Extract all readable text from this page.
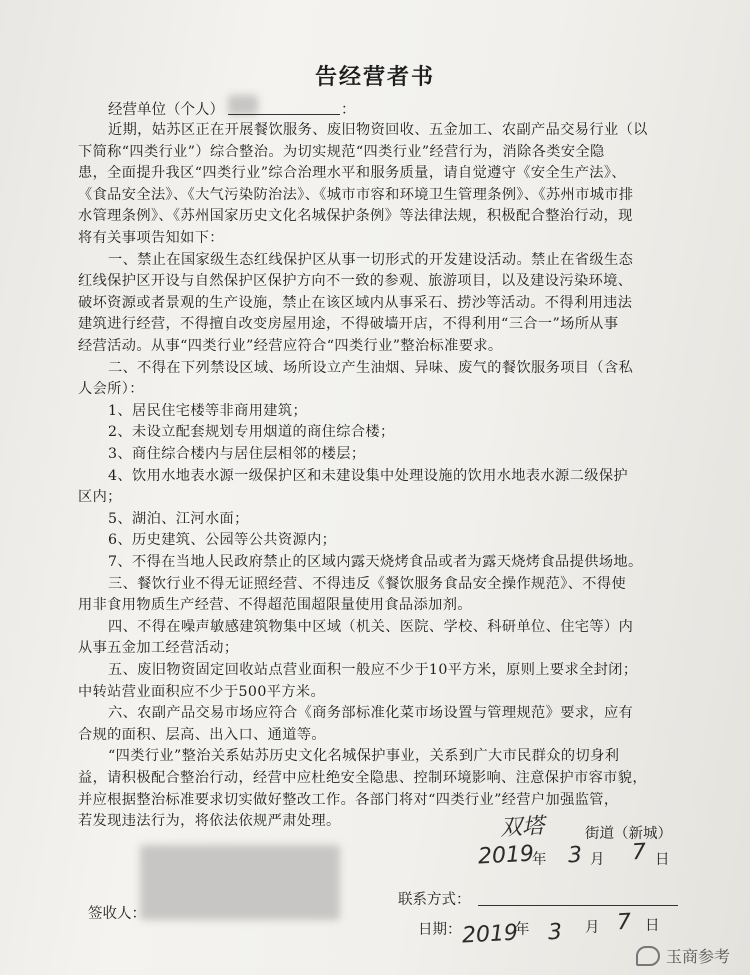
告经营者书
经营单位（个人）	：
近期，姑苏区正在开展餐饮服务、废旧物资回收、五金加工、农副产品交易行业（以
下简称“四类行业”）综合整治。为切实规范“四类行业”经营行为，消除各类安全隐
患，全面提升我区“四类行业”综合治理水平和服务质量，请自觉遵守《安全生产法》、
《食品安全法》、《大气污染防治法》、《城市市容和环境卫生管理条例》、《苏州市城市排
水管理条例》、《苏州国家历史文化名城保护条例》等法律法规，积极配合整治行动，现
将有关事项告知如下：
一、禁止在国家级生态红线保护区从事一切形式的开发建设活动。禁止在省级生态
红线保护区开设与自然保护区保护方向不一致的参观、旅游项目，以及建设污染环境、
破坏资源或者景观的生产设施，禁止在该区域内从事采石、捞沙等活动。不得利用违法
建筑进行经营，不得擅自改变房屋用途，不得破墙开店，不得利用“三合一”场所从事
经营活动。从事“四类行业”经营应符合“四类行业”整治标准要求。
二、不得在下列禁设区域、场所设立产生油烟、异味、废气的餐饮服务项目（含私
人会所）：
1、居民住宅楼等非商用建筑；
2、未设立配套规划专用烟道的商住综合楼；
3、商住综合楼内与居住层相邻的楼层；
4、饮用水地表水源一级保护区和未建设集中处理设施的饮用水地表水源二级保护
区内；
5、湖泊、江河水面；
6、历史建筑、公园等公共资源内；
7、不得在当地人民政府禁止的区域内露天烧烤食品或者为露天烧烤食品提供场地。
三、餐饮行业不得无证照经营、不得违反《餐饮服务食品安全操作规范》、不得使
用非食用物质生产经营、不得超范围超限量使用食品添加剂。
四、不得在噪声敏感建筑物集中区域（机关、医院、学校、科研单位、住宅等）内
从事五金加工经营活动；
五、废旧物资固定回收站点营业面积一般应不少于10平方米，原则上要求全封闭；
中转站营业面积应不少于500平方米。
六、农副产品交易市场应符合《商务部标准化菜市场设置与管理规范》要求，应有
合规的面积、层高、出入口、通道等。
“四类行业”整治关系姑苏历史文化名城保护事业，关系到广大市民群众的切身利
益，请积极配合整治行动，经营中应杜绝安全隐患、控制环境影响、注意保护市容市貌，
并应根据整治标准要求切实做好整改工作。各部门将对“四类行业”经营户加强监管，
若发现违法行为，将依法依规严肃处理。	双塔	街道（新城）
2019
年 3 月 7 日
签收人：
联系方式：
日期： 2019
年 3 月 7 日
玉商参考
